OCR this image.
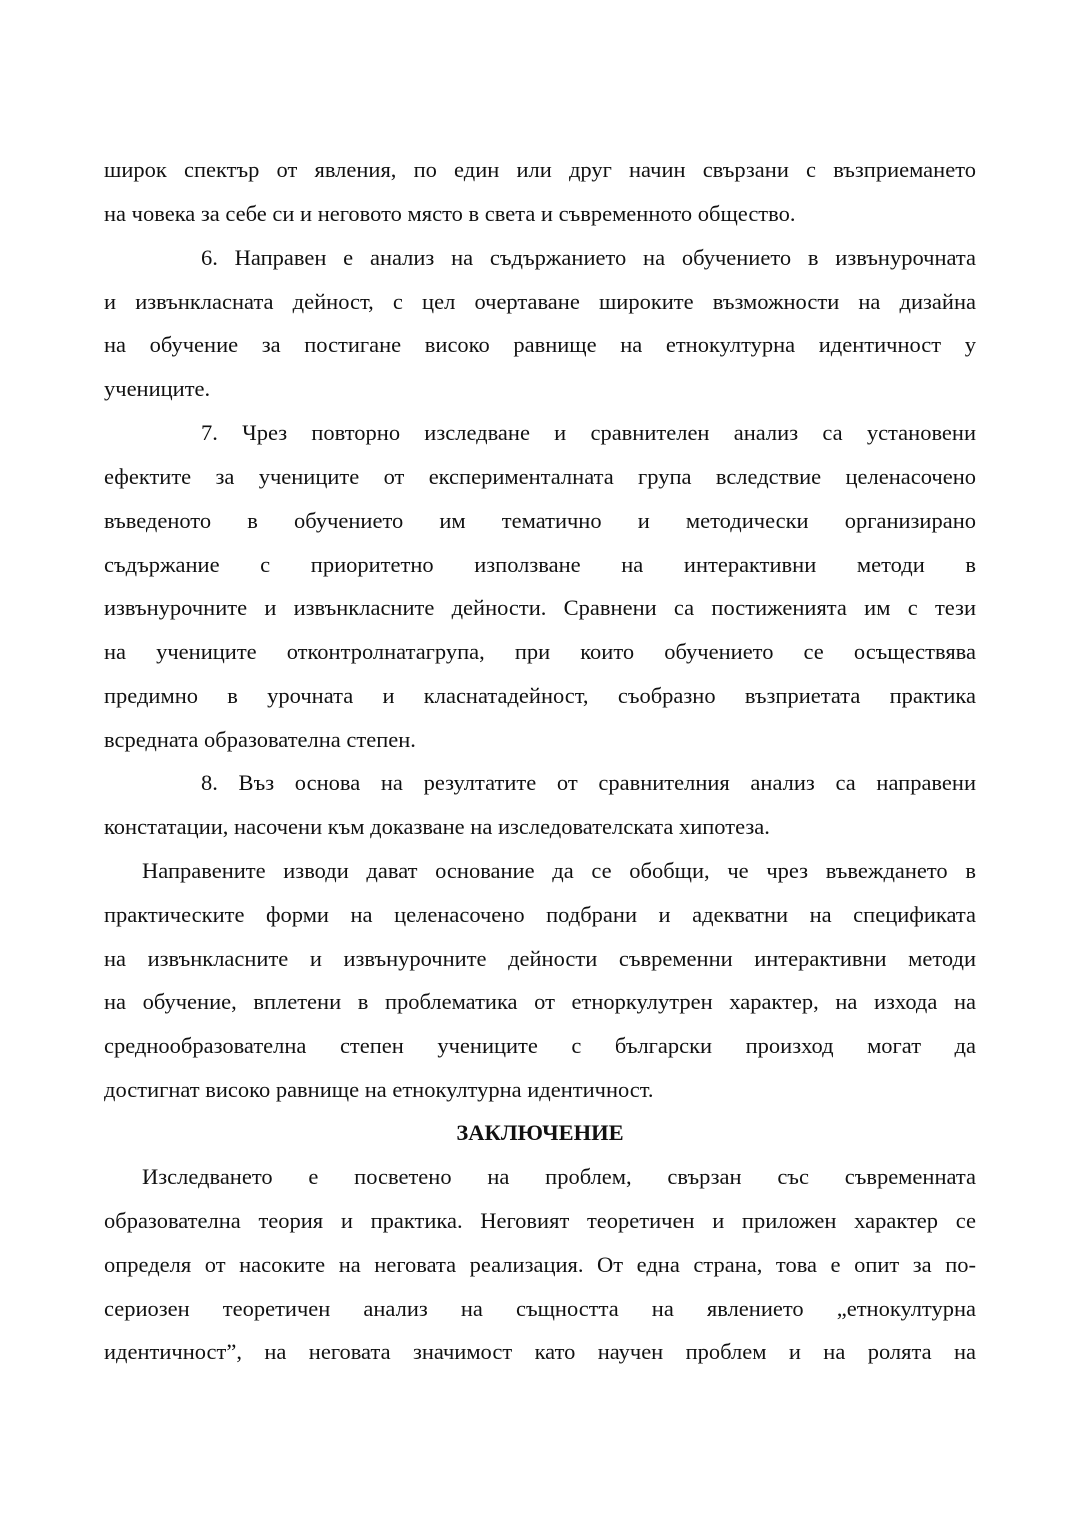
широк спектър от явления, по един или друг начин свързани с възприемането
на човека за себе си и неговото място в света и съвременното общество.
6. Направен е анализ на съдържанието на обучението в извънурочната
и извънкласната дейност, с цел очертаване широките възможности на дизайна
на обучение за постигане високо равнище на етнокултурна идентичност у
учениците.
7. Чрез повторно изследване и сравнителен анализ са установени
ефектите за учениците от експерименталната група вследствие целенасочено
въведеното в обучението им тематично и методически организирано
съдържание с приоритетно използване на интерактивни методи в
извънурочните и извънкласните дейности. Сравнени са постиженията им с тези
на учениците отконтролнатагрупа, при които обучението се осъществява
предимно в урочната и класнатадейност, съобразно възприетата практика
всредната образователна степен.
8. Въз основа на резултатите от сравнителния анализ са направени
констатации, насочени към доказване на изследователската хипотеза.
Направените изводи дават основание да се обобщи, че чрез въвеждането в
практическите форми на целенасочено подбрани и адекватни на спецификата
на извънкласните и извънурочните дейности съвременни интерактивни методи
на обучение, вплетени в проблематика от етноркулутрен характер, на изхода на
среднообразователна степен учениците с български произход могат да
достигнат високо равнище на етнокултурна идентичност.
ЗАКЛЮЧЕНИЕ
Изследването е посветено на проблем, свързан със съвременната
образователна теория и практика. Неговият теоретичен и приложен характер се
определя от насоките на неговата реализация. От една страна, това е опит за по-
сериозен теоретичен анализ на същността на явлението „етнокултурна
идентичност”, на неговата значимост като научен проблем и на ролята на
